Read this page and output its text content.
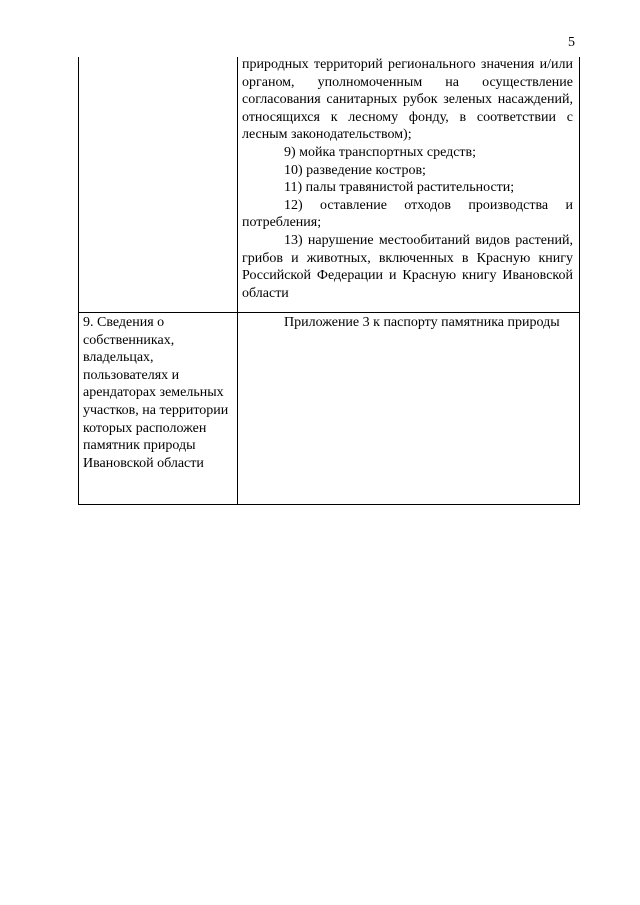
5

природных территорий регионального значения и/или органом, уполномоченным на осуществление согласования санитарных рубок зеленых насаждений, относящихся к лесному фонду, в соответствии с лесным законодательством);

9) мойка транспортных средств;

10) разведение костров;

11) палы травянистой растительности;

12) оставление отходов производства и потребления;

13) нарушение местообитаний видов растений, грибов и животных, включенных в Красную книгу Российской Федерации и Красную книгу Ивановской области

9. Сведения о собственниках, владельцах, пользователях и арендаторах земельных участков, на территории которых расположен памятник природы Ивановской области

Приложение 3 к паспорту памятника природы
